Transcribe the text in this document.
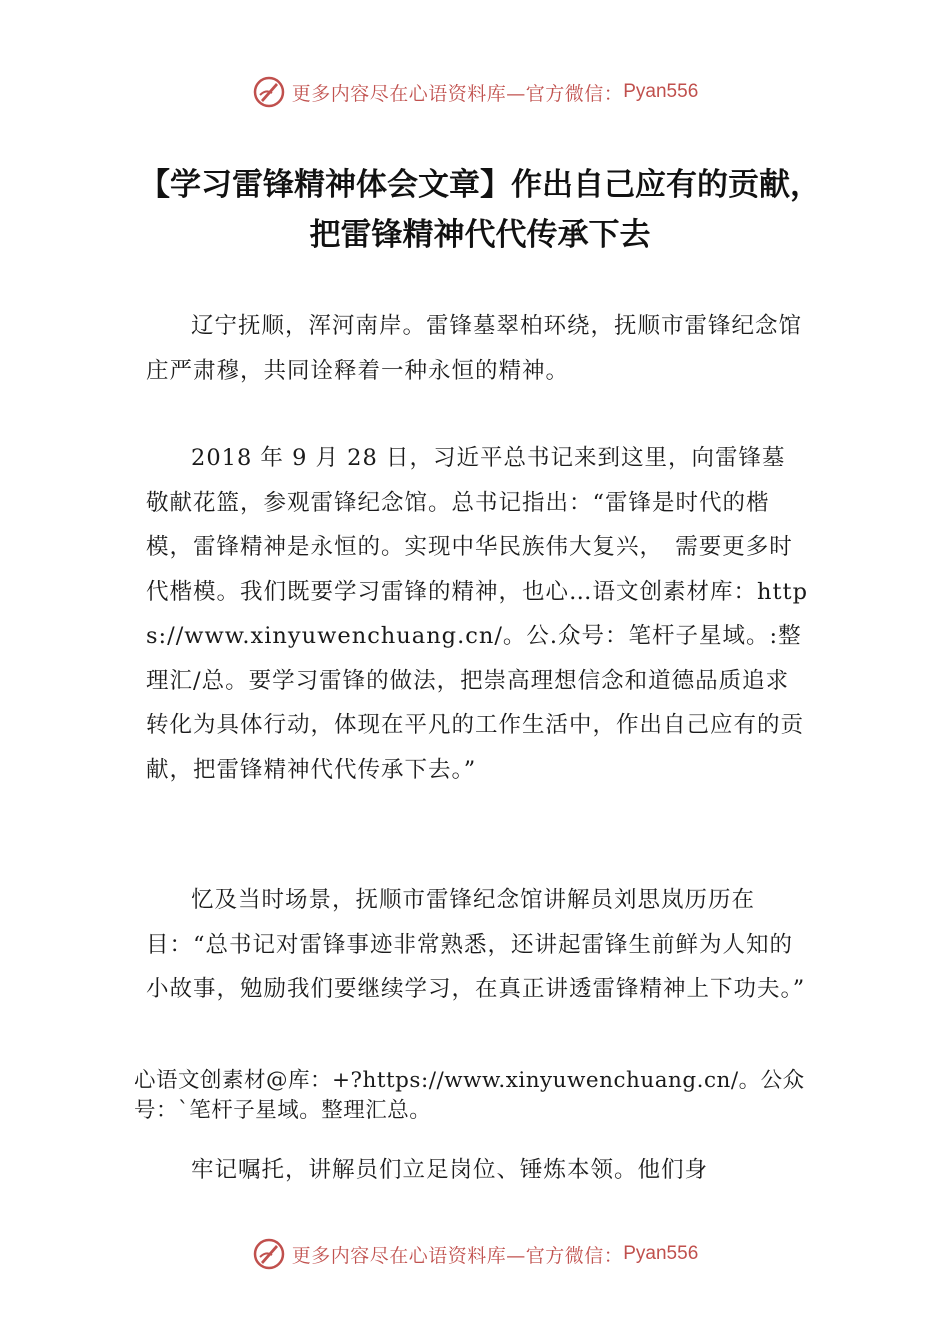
更多内容尽在心语资料库—官方微信： Pyan556
【学习雷锋精神体会文章】作出自己应有的贡献，把雷锋精神代代传承下去
辽宁抚顺，浑河南岸。雷锋墓翠柏环绕，抚顺市雷锋纪念馆庄严肃穆，共同诠释着一种永恒的精神。
2018 年 9 月 28 日，习近平总书记来到这里，向雷锋墓敬献花篮，参观雷锋纪念馆。总书记指出：“雷锋是时代的楷模，雷锋精神是永恒的。实现中华民族伟大复兴，　需要更多时代楷模。我们既要学习雷锋的精神，也心…语文创素材库：https://www.xinyuwenchuang.cn/。公.众号：笔杆子星域。:整理汇/总。要学习雷锋的做法，把崇高理想信念和道德品质追求转化为具体行动，体现在平凡的工作生活中，作出自己应有的贡献，把雷锋精神代代传承下去。”
忆及当时场景，抚顺市雷锋纪念馆讲解员刘思岚历历在目：“总书记对雷锋事迹非常熟悉，还讲起雷锋生前鲜为人知的小故事，勉励我们要继续学习，在真正讲透雷锋精神上下功夫。”
心语文创素材@库：+?https://www.xinyuwenchuang.cn/。公众号：`笔杆子星域。整理汇总。
牢记嘱托，讲解员们立足岗位、锤炼本领。他们身
更多内容尽在心语资料库—官方微信： Pyan556
